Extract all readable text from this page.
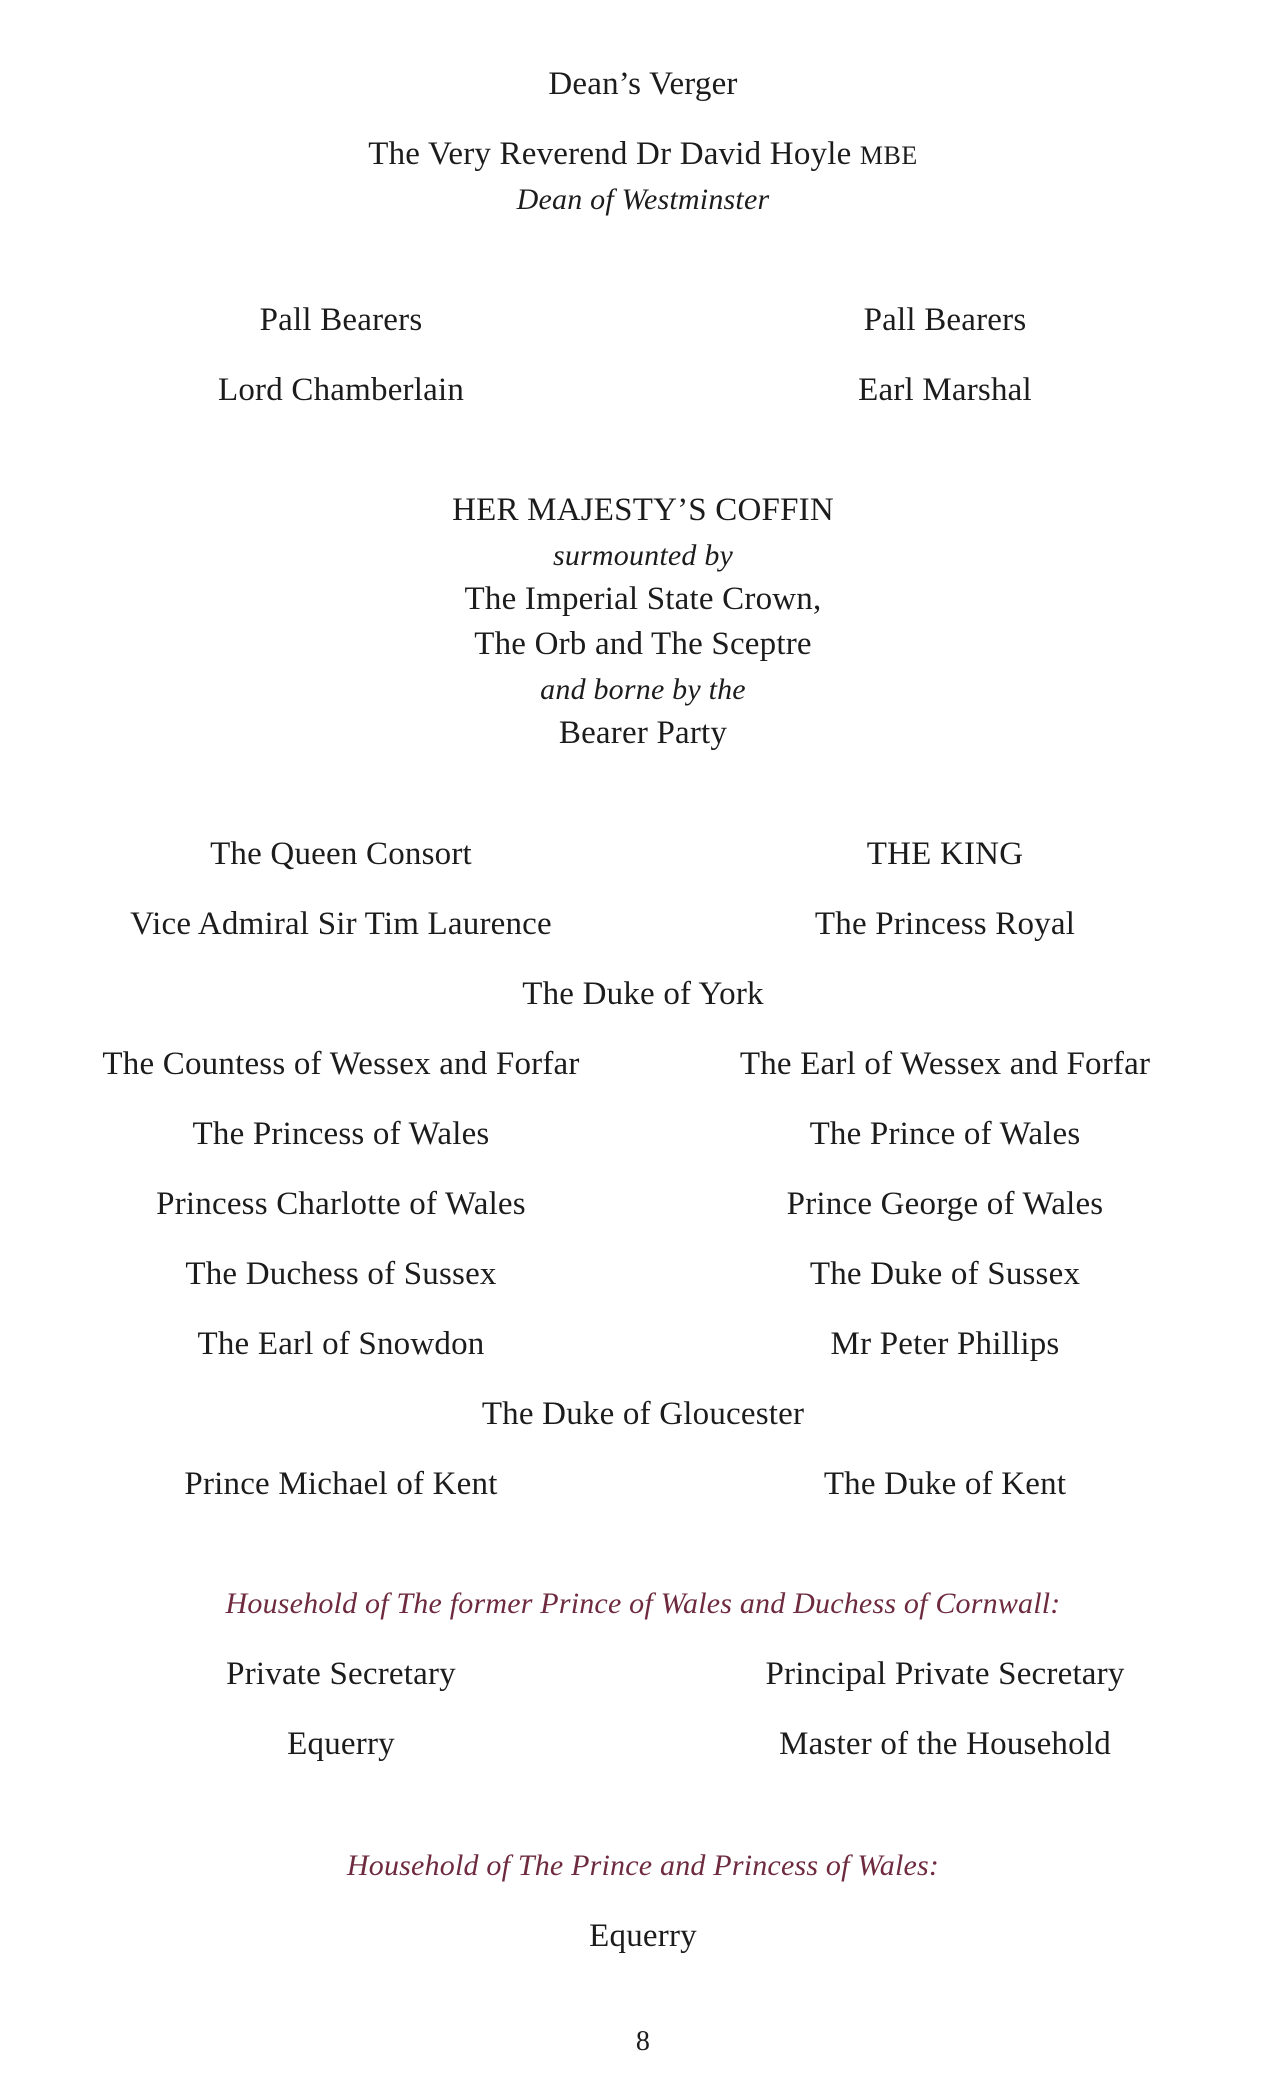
Dean’s Verger
The Very Reverend Dr David Hoyle MBE
Dean of Westminster
Pall Bearers	Pall Bearers
Lord Chamberlain	Earl Marshal
HER MAJESTY’S COFFIN
surmounted by
The Imperial State Crown,
The Orb and The Sceptre
and borne by the
Bearer Party
The Queen Consort	THE KING
Vice Admiral Sir Tim Laurence	The Princess Royal
The Duke of York
The Countess of Wessex and Forfar	The Earl of Wessex and Forfar
The Princess of Wales	The Prince of Wales
Princess Charlotte of Wales	Prince George of Wales
The Duchess of Sussex	The Duke of Sussex
The Earl of Snowdon	Mr Peter Phillips
The Duke of Gloucester
Prince Michael of Kent	The Duke of Kent
Household of The former Prince of Wales and Duchess of Cornwall:
Private Secretary	Principal Private Secretary
Equerry	Master of the Household
Household of The Prince and Princess of Wales:
Equerry
8
